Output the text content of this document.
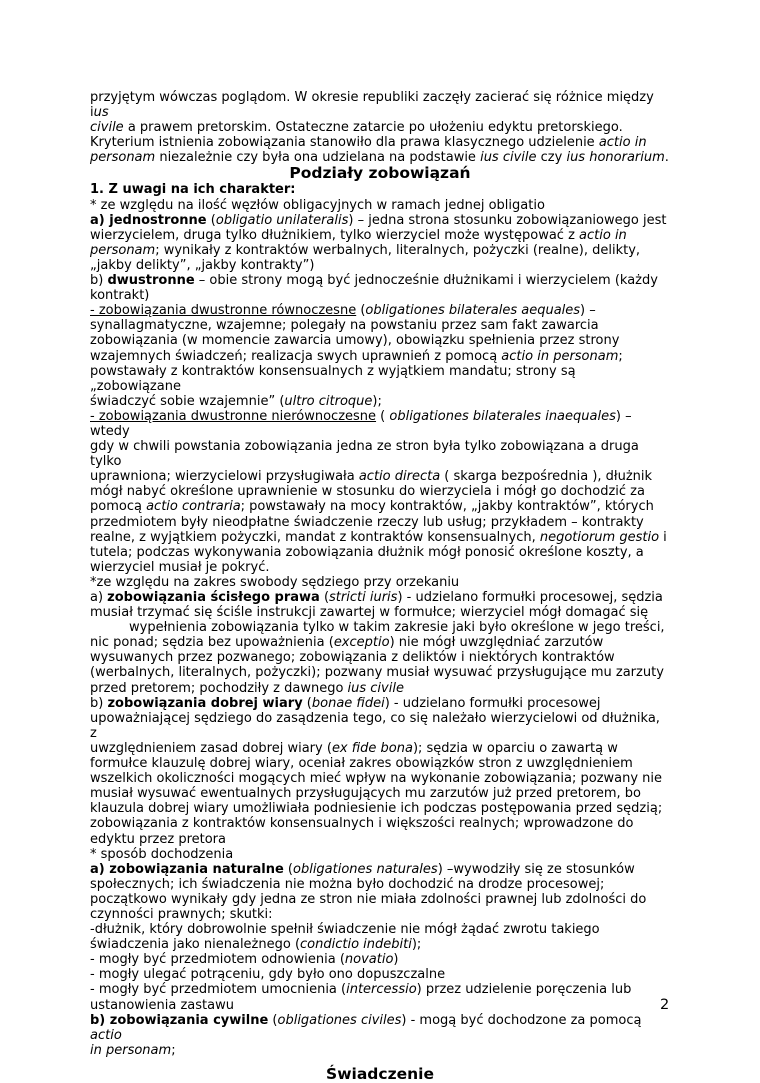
przyjętym wówczas poglądom. W okresie republiki zaczęły zacierać się różnice między ius
civile a prawem pretorskim. Ostateczne zatarcie po ułożeniu edyktu pretorskiego.
Kryterium istnienia zobowiązania stanowiło dla prawa klasycznego udzielenie actio in
personam niezależnie czy była ona udzielana na podstawie ius civile czy ius honorarium.
Podziały zobowiązań
1. Z uwagi na ich charakter:
* ze względu na ilość węzłów obligacyjnych w ramach jednej obligatio
a) jednostronne (obligatio unilateralis) – jedna strona stosunku zobowiązaniowego jest
wierzycielem, druga tylko dłużnikiem, tylko wierzyciel może występować z actio in
personam; wynikały z kontraktów werbalnych, literalnych, pożyczki (realne), delikty,
„jakby delikty”, „jakby kontrakty”)
b) dwustronne – obie strony mogą być jednocześnie dłużnikami i wierzycielem (każdy
kontrakt)
- zobowiązania dwustronne równoczesne (obligationes bilaterales aequales) –
synallagmatyczne, wzajemne; polegały na powstaniu przez sam fakt zawarcia
zobowiązania (w momencie zawarcia umowy), obowiązku spełnienia przez strony
wzajemnych świadczeń; realizacja swych uprawnień z pomocą actio in personam;
powstawały z kontraktów konsensualnych z wyjątkiem mandatu; strony są „zobowiązane
świadczyć sobie wzajemnie” (ultro citroque);
- zobowiązania dwustronne nierównoczesne ( obligationes bilaterales inaequales) – wtedy
gdy w chwili powstania zobowiązania jedna ze stron była tylko zobowiązana a druga tylko
uprawniona; wierzycielowi przysługiwała actio directa ( skarga bezpośrednia ), dłużnik
mógł nabyć określone uprawnienie w stosunku do wierzyciela i mógł go dochodzić za
pomocą actio contraria; powstawały na mocy kontraktów, „jakby kontraktów”, których
przedmiotem były nieodpłatne świadczenie rzeczy lub usług; przykładem – kontrakty
realne, z wyjątkiem pożyczki, mandat z kontraktów konsensualnych, negotiorum gestio i
tutela; podczas wykonywania zobowiązania dłużnik mógł ponosić określone koszty, a
wierzyciel musiał je pokryć.
*ze względu na zakres swobody sędziego przy orzekaniu
a) zobowiązania ścisłego prawa (stricti iuris) - udzielano formułki procesowej, sędzia
musiał trzymać się ściśle instrukcji zawartej w formułce; wierzyciel mógł domagać się
wypełnienia zobowiązania tylko w takim zakresie jaki było określone w jego treści,
nic ponad; sędzia bez upoważnienia (exceptio) nie mógł uwzględniać zarzutów
wysuwanych przez pozwanego; zobowiązania z deliktów i niektórych kontraktów
(werbalnych, literalnych, pożyczki); pozwany musiał wysuwać przysługujące mu zarzuty
przed pretorem; pochodziły z dawnego ius civile
b) zobowiązania dobrej wiary (bonae fidei) - udzielano formułki procesowej
upoważniającej sędziego do zasądzenia tego, co się należało wierzycielowi od dłużnika, z
uwzględnieniem zasad dobrej wiary (ex fide bona); sędzia w oparciu o zawartą w
formułce klauzulę dobrej wiary, oceniał zakres obowiązków stron z uwzględnieniem
wszelkich okoliczności mogących mieć wpływ na wykonanie zobowiązania; pozwany nie
musiał wysuwać ewentualnych przysługujących mu zarzutów już przed pretorem, bo
klauzula dobrej wiary umożliwiała podniesienie ich podczas postępowania przed sędzią;
zobowiązania z kontraktów konsensualnych i większości realnych; wprowadzone do
edyktu przez pretora
* sposób dochodzenia
a) zobowiązania naturalne (obligationes naturales) –wywodziły się ze stosunków
społecznych; ich świadczenia nie można było dochodzić na drodze procesowej;
początkowo wynikały gdy jedna ze stron nie miała zdolności prawnej lub zdolności do
czynności prawnych; skutki:
-dłużnik, który dobrowolnie spełnił świadczenie nie mógł żądać zwrotu takiego
świadczenia jako nienależnego (condictio indebiti);
- mogły być przedmiotem odnowienia (novatio)
- mogły ulegać potrąceniu, gdy było ono dopuszczalne
- mogły być przedmiotem umocnienia (intercessio) przez udzielenie poręczenia lub
ustanowienia zastawu
b) zobowiązania cywilne (obligationes civiles) - mogą być dochodzone za pomocą actio
in personam;
Świadczenie
2
